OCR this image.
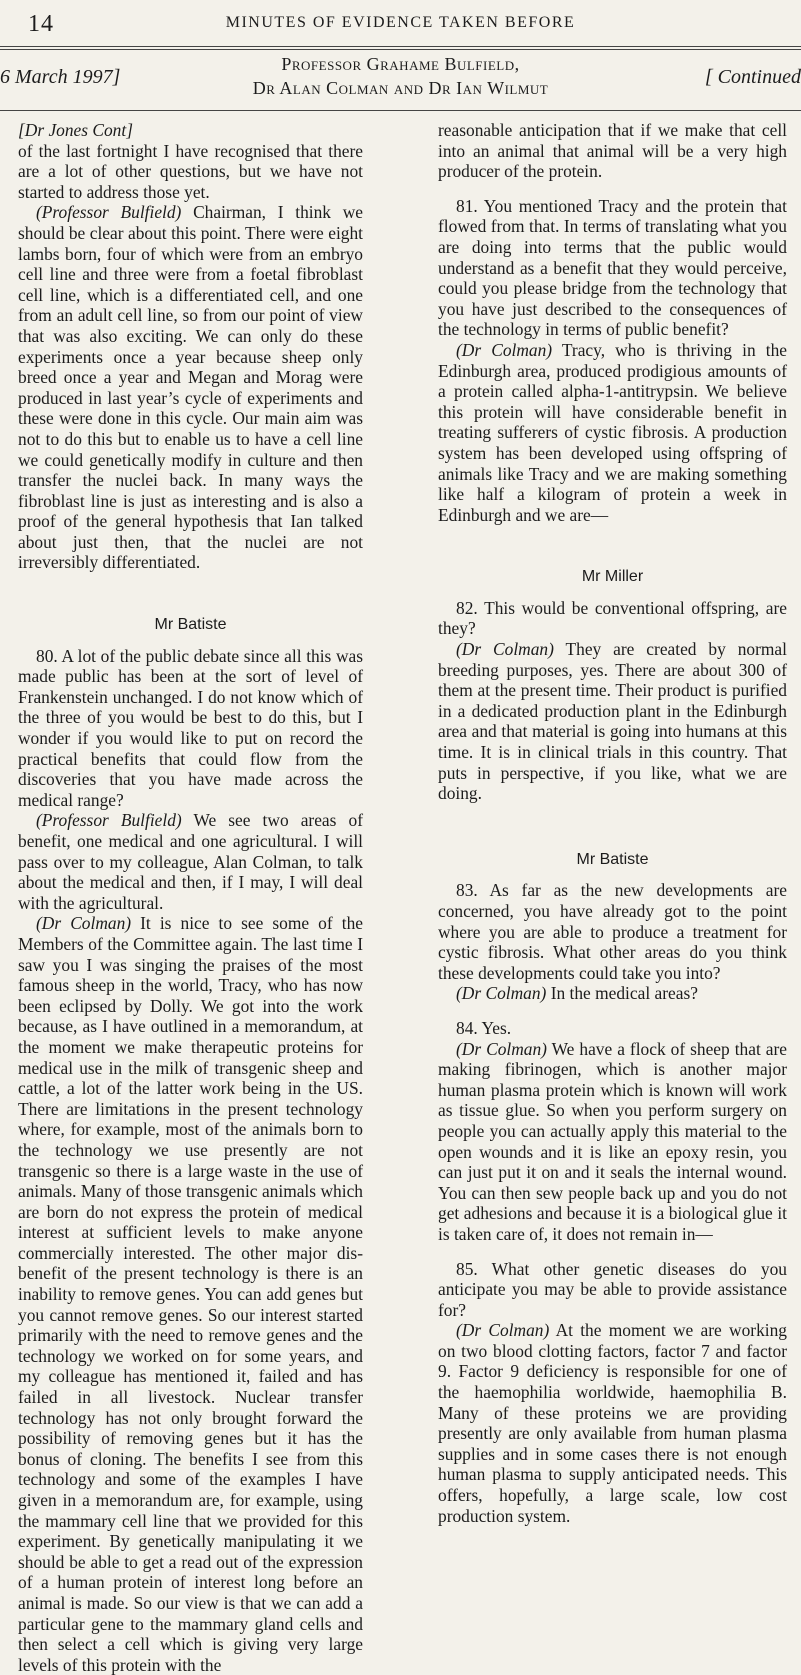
14	MINUTES OF EVIDENCE TAKEN BEFORE
6 March 1997]
Professor Grahame Bulfield,
Dr Alan Colman and Dr Ian Wilmut	[ Continued

[Dr Jones Cont]

of the last fortnight I have recognised that there are a lot of other questions, but we have not started to address those yet.

(Professor Bulfield) Chairman, I think we should be clear about this point. There were eight lambs born, four of which were from an embryo cell line and three were from a foetal fibroblast cell line, which is a differentiated cell, and one from an adult cell line, so from our point of view that was also exciting. We can only do these experiments once a year because sheep only breed once a year and Megan and Morag were produced in last year’s cycle of experiments and these were done in this cycle. Our main aim was not to do this but to enable us to have a cell line we could genetically modify in culture and then transfer the nuclei back. In many ways the fibroblast line is just as interesting and is also a proof of the general hypothesis that Ian talked about just then, that the nuclei are not irreversibly differentiated.

Mr Batiste

80. A lot of the public debate since all this was made public has been at the sort of level of Frankenstein unchanged. I do not know which of the three of you would be best to do this, but I wonder if you would like to put on record the practical benefits that could flow from the discoveries that you have made across the medical range?

(Professor Bulfield) We see two areas of benefit, one medical and one agricultural. I will pass over to my colleague, Alan Colman, to talk about the medical and then, if I may, I will deal with the agricultural.

(Dr Colman) It is nice to see some of the Members of the Committee again. The last time I saw you I was singing the praises of the most famous sheep in the world, Tracy, who has now been eclipsed by Dolly. We got into the work because, as I have outlined in a memorandum, at the moment we make therapeutic proteins for medical use in the milk of transgenic sheep and cattle, a lot of the latter work being in the US. There are limitations in the present technology where, for example, most of the animals born to the technology we use presently are not transgenic so there is a large waste in the use of animals. Many of those transgenic animals which are born do not express the protein of medical interest at sufficient levels to make anyone commercially interested. The other major dis-benefit of the present technology is there is an inability to remove genes. You can add genes but you cannot remove genes. So our interest started primarily with the need to remove genes and the technology we worked on for some years, and my colleague has mentioned it, failed and has failed in all livestock. Nuclear transfer technology has not only brought forward the possibility of removing genes but it has the bonus of cloning. The benefits I see from this technology and some of the examples I have given in a memorandum are, for example, using the mammary cell line that we provided for this experiment. By genetically manipulating it we should be able to get a read out of the expression of a human protein of interest long before an animal is made. So our view is that we can add a particular gene to the mammary gland cells and then select a cell which is giving very large levels of this protein with the

reasonable anticipation that if we make that cell into an animal that animal will be a very high producer of the protein.

81. You mentioned Tracy and the protein that flowed from that. In terms of translating what you are doing into terms that the public would understand as a benefit that they would perceive, could you please bridge from the technology that you have just described to the consequences of the technology in terms of public benefit?

(Dr Colman) Tracy, who is thriving in the Edinburgh area, produced prodigious amounts of a protein called alpha-1-antitrypsin. We believe this protein will have considerable benefit in treating sufferers of cystic fibrosis. A production system has been developed using offspring of animals like Tracy and we are making something like half a kilogram of protein a week in Edinburgh and we are—

Mr Miller

82. This would be conventional offspring, are they?

(Dr Colman) They are created by normal breeding purposes, yes. There are about 300 of them at the present time. Their product is purified in a dedicated production plant in the Edinburgh area and that material is going into humans at this time. It is in clinical trials in this country. That puts in perspective, if you like, what we are doing.

Mr Batiste

83. As far as the new developments are concerned, you have already got to the point where you are able to produce a treatment for cystic fibrosis. What other areas do you think these developments could take you into?

(Dr Colman) In the medical areas?

84. Yes.

(Dr Colman) We have a flock of sheep that are making fibrinogen, which is another major human plasma protein which is known will work as tissue glue. So when you perform surgery on people you can actually apply this material to the open wounds and it is like an epoxy resin, you can just put it on and it seals the internal wound. You can then sew people back up and you do not get adhesions and because it is a biological glue it is taken care of, it does not remain in—

85. What other genetic diseases do you anticipate you may be able to provide assistance for?

(Dr Colman) At the moment we are working on two blood clotting factors, factor 7 and factor 9. Factor 9 deficiency is responsible for one of the haemophilia worldwide, haemophilia B. Many of these proteins we are providing presently are only available from human plasma supplies and in some cases there is not enough human plasma to supply anticipated needs. This offers, hopefully, a large scale, low cost production system.
